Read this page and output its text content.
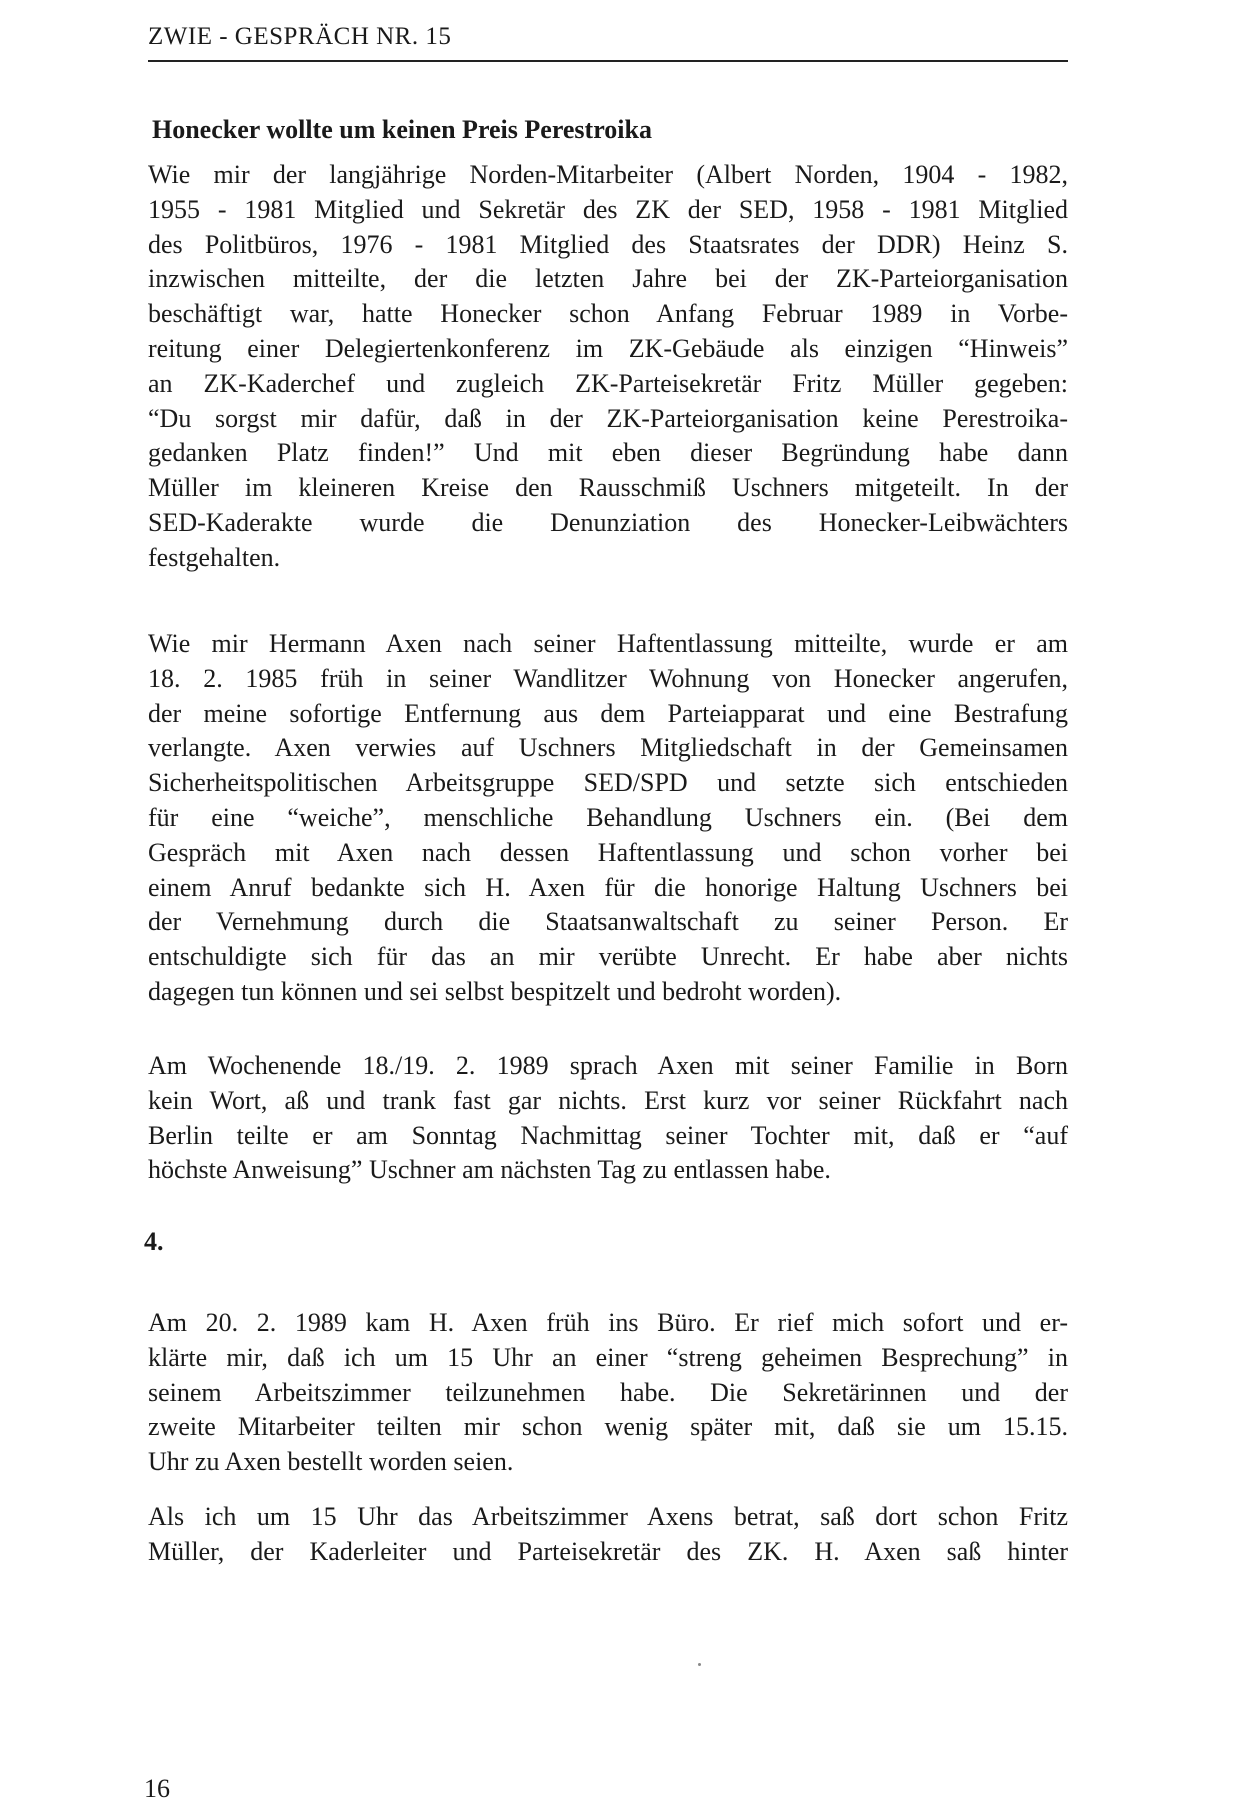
ZWIE - GESPRÄCH NR. 15
Honecker wollte um keinen Preis Perestroika
Wie mir der langjährige Norden-Mitarbeiter (Albert Norden, 1904 - 1982,
1955 - 1981 Mitglied und Sekretär des ZK der SED, 1958 - 1981 Mitglied
des Politbüros, 1976 - 1981 Mitglied des Staatsrates der DDR) Heinz S.
inzwischen mitteilte, der die letzten Jahre bei der ZK-Parteiorganisation
beschäftigt war, hatte Honecker schon Anfang Februar 1989 in Vorbe-
reitung einer Delegiertenkonferenz im ZK-Gebäude als einzigen “Hinweis”
an ZK-Kaderchef und zugleich ZK-Parteisekretär Fritz Müller gegeben:
“Du sorgst mir dafür, daß in der ZK-Parteiorganisation keine Perestroika-
gedanken Platz finden!” Und mit eben dieser Begründung habe dann
Müller im kleineren Kreise den Rausschmiß Uschners mitgeteilt. In der
SED-Kaderakte wurde die Denunziation des Honecker-Leibwächters
festgehalten.
Wie mir Hermann Axen nach seiner Haftentlassung mitteilte, wurde er am
18. 2. 1985 früh in seiner Wandlitzer Wohnung von Honecker angerufen,
der meine sofortige Entfernung aus dem Parteiapparat und eine Bestrafung
verlangte. Axen verwies auf Uschners Mitgliedschaft in der Gemeinsamen
Sicherheitspolitischen Arbeitsgruppe SED/SPD und setzte sich entschieden
für eine “weiche”, menschliche Behandlung Uschners ein. (Bei dem
Gespräch mit Axen nach dessen Haftentlassung und schon vorher bei
einem Anruf bedankte sich H. Axen für die honorige Haltung Uschners bei
der Vernehmung durch die Staatsanwaltschaft zu seiner Person. Er
entschuldigte sich für das an mir verübte Unrecht. Er habe aber nichts
dagegen tun können und sei selbst bespitzelt und bedroht worden).
Am Wochenende 18./19. 2. 1989 sprach Axen mit seiner Familie in Born
kein Wort, aß und trank fast gar nichts. Erst kurz vor seiner Rückfahrt nach
Berlin teilte er am Sonntag Nachmittag seiner Tochter mit, daß er “auf
höchste Anweisung” Uschner am nächsten Tag zu entlassen habe.
4.
Am 20. 2. 1989 kam H. Axen früh ins Büro. Er rief mich sofort und er-
klärte mir, daß ich um 15 Uhr an einer “streng geheimen Besprechung” in
seinem Arbeitszimmer teilzunehmen habe. Die Sekretärinnen und der
zweite Mitarbeiter teilten mir schon wenig später mit, daß sie um 15.15.
Uhr zu Axen bestellt worden seien.
Als ich um 15 Uhr das Arbeitszimmer Axens betrat, saß dort schon Fritz
Müller, der Kaderleiter und Parteisekretär des ZK. H. Axen saß hinter
16
